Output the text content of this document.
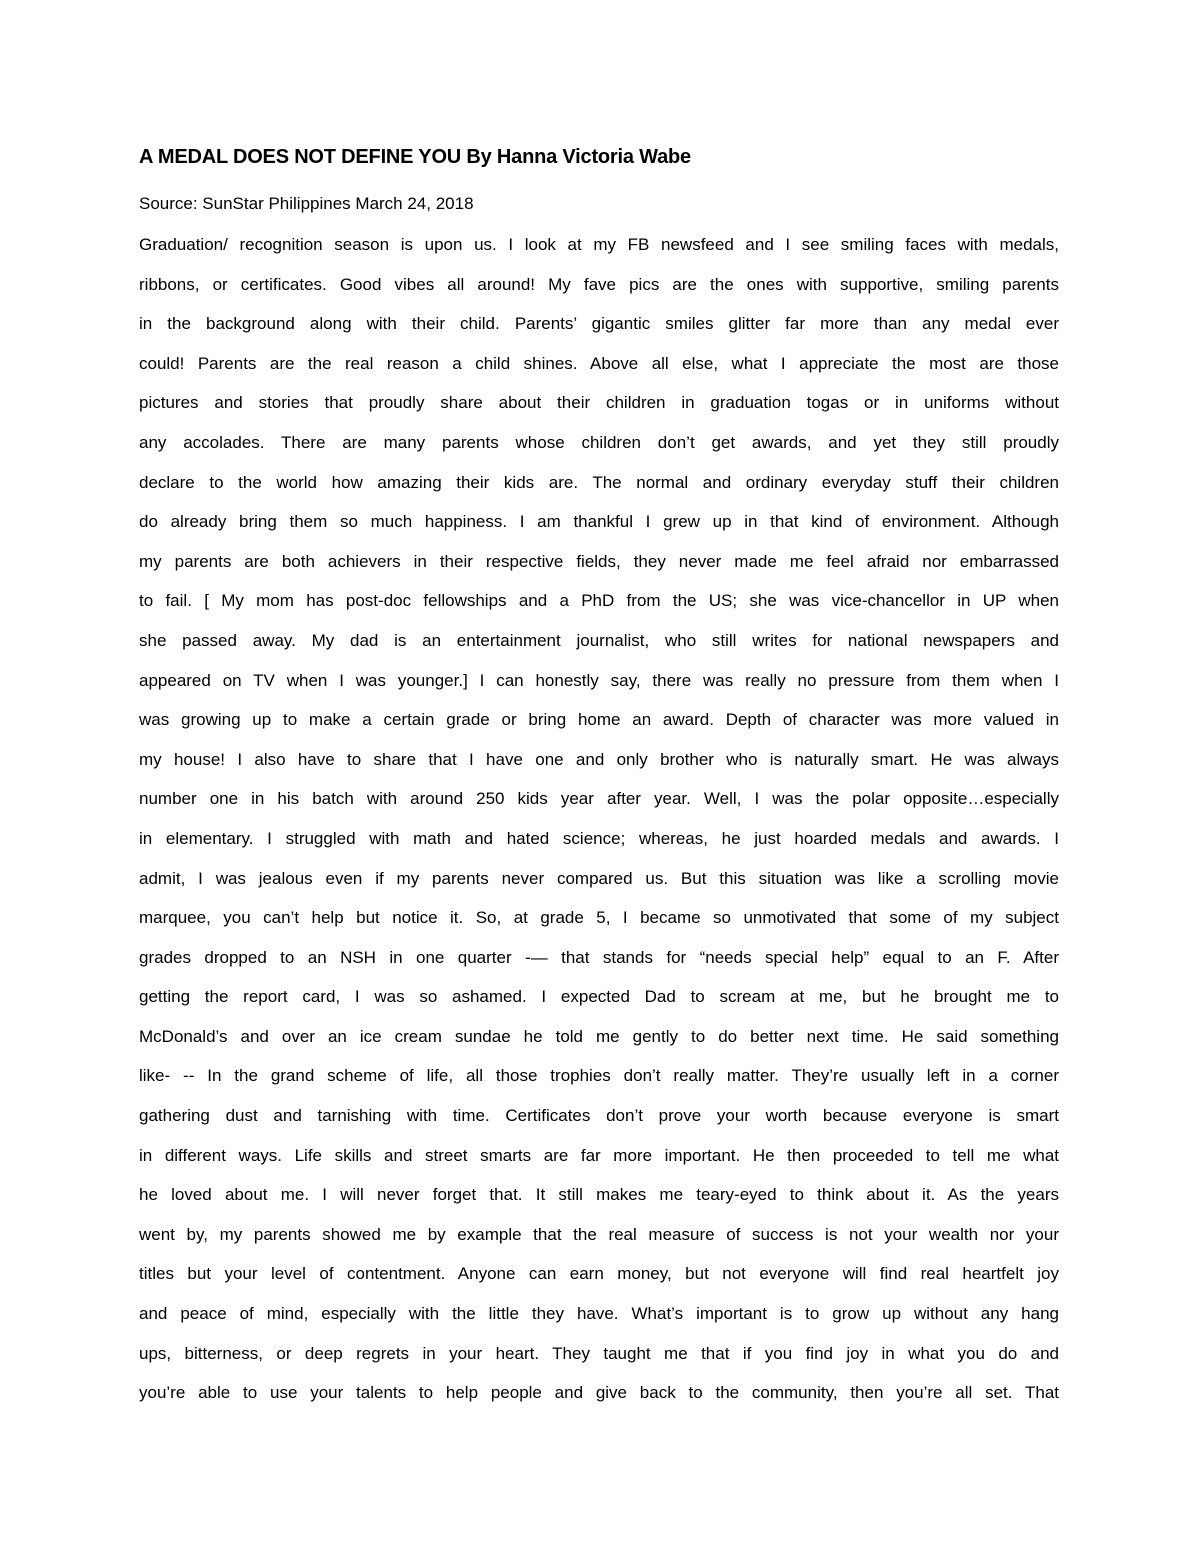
A MEDAL DOES NOT DEFINE YOU By Hanna Victoria Wabe

Source: SunStar Philippines March 24, 2018

Graduation/ recognition season is upon us. I look at my FB newsfeed and I see smiling faces with medals,
ribbons, or certificates. Good vibes all around! My fave pics are the ones with supportive, smiling parents
in the background along with their child. Parents’ gigantic smiles glitter far more than any medal ever
could! Parents are the real reason a child shines. Above all else, what I appreciate the most are those
pictures and stories that proudly share about their children in graduation togas or in uniforms without
any accolades. There are many parents whose children don’t get awards, and yet they still proudly
declare to the world how amazing their kids are. The normal and ordinary everyday stuff their children
do already bring them so much happiness. I am thankful I grew up in that kind of environment. Although
my parents are both achievers in their respective fields, they never made me feel afraid nor embarrassed
to fail. [ My mom has post-doc fellowships and a PhD from the US; she was vice-chancellor in UP when
she passed away. My dad is an entertainment journalist, who still writes for national newspapers and
appeared on TV when I was younger.] I can honestly say, there was really no pressure from them when I
was growing up to make a certain grade or bring home an award. Depth of character was more valued in
my house! I also have to share that I have one and only brother who is naturally smart. He was always
number one in his batch with around 250 kids year after year. Well, I was the polar opposite…especially
in elementary. I struggled with math and hated science; whereas, he just hoarded medals and awards. I
admit, I was jealous even if my parents never compared us. But this situation was like a scrolling movie
marquee, you can’t help but notice it. So, at grade 5, I became so unmotivated that some of my subject
grades dropped to an NSH in one quarter -— that stands for “needs special help” equal to an F. After
getting the report card, I was so ashamed. I expected Dad to scream at me, but he brought me to
McDonald’s and over an ice cream sundae he told me gently to do better next time. He said something
like- -- In the grand scheme of life, all those trophies don’t really matter. They’re usually left in a corner
gathering dust and tarnishing with time. Certificates don’t prove your worth because everyone is smart
in different ways. Life skills and street smarts are far more important. He then proceeded to tell me what
he loved about me. I will never forget that. It still makes me teary-eyed to think about it. As the years
went by, my parents showed me by example that the real measure of success is not your wealth nor your
titles but your level of contentment. Anyone can earn money, but not everyone will find real heartfelt joy
and peace of mind, especially with the little they have. What’s important is to grow up without any hang
ups, bitterness, or deep regrets in your heart. They taught me that if you find joy in what you do and
you’re able to use your talents to help people and give back to the community, then you’re all set. That
